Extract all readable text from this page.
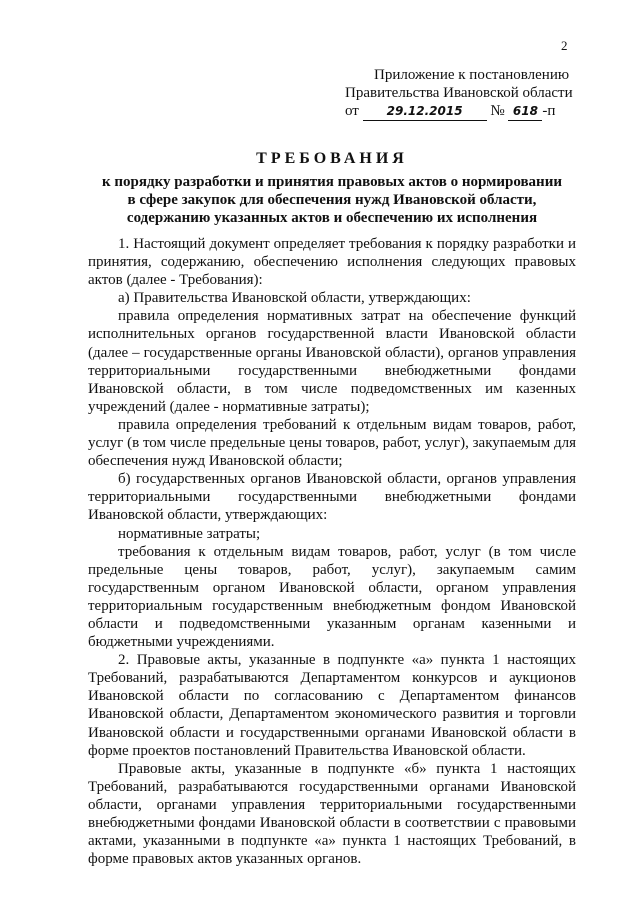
2
Приложение к постановлению
Правительства Ивановской области
от 29.12.2015 № 618 -п
ТРЕБОВАНИЯ
к порядку разработки и принятия правовых актов о нормировании
в сфере закупок для обеспечения нужд Ивановской области,
содержанию указанных актов и обеспечению их исполнения

1. Настоящий документ определяет требования к порядку разработки и принятия, содержанию, обеспечению исполнения следующих правовых актов (далее - Требования):

а) Правительства Ивановской области, утверждающих:

правила определения нормативных затрат на обеспечение функций исполнительных органов государственной власти Ивановской области (далее – государственные органы Ивановской области), органов управления территориальными государственными внебюджетными фондами Ивановской области, в том числе подведомственных им казенных учреждений (далее - нормативные затраты);

правила определения требований к отдельным видам товаров, работ, услуг (в том числе предельные цены товаров, работ, услуг), закупаемым для обеспечения нужд Ивановской области;

б) государственных органов Ивановской области, органов управления территориальными государственными внебюджетными фондами Ивановской области, утверждающих:

нормативные затраты;

требования к отдельным видам товаров, работ, услуг (в том числе предельные цены товаров, работ, услуг), закупаемым самим государственным органом Ивановской области, органом управления территориальным государственным внебюджетным фондом Ивановской области и подведомственными указанным органам казенными и бюджетными учреждениями.

2. Правовые акты, указанные в подпункте «а» пункта 1 настоящих Требований, разрабатываются Департаментом конкурсов и аукционов Ивановской области по согласованию с Департаментом финансов Ивановской области, Департаментом экономического развития и торговли Ивановской области и государственными органами Ивановской области в форме проектов постановлений Правительства Ивановской области.

Правовые акты, указанные в подпункте «б» пункта 1 настоящих Требований, разрабатываются государственными органами Ивановской области, органами управления территориальными государственными внебюджетными фондами Ивановской области в соответствии с правовыми актами, указанными в подпункте «а» пункта 1 настоящих Требований, в форме правовых актов указанных органов.
